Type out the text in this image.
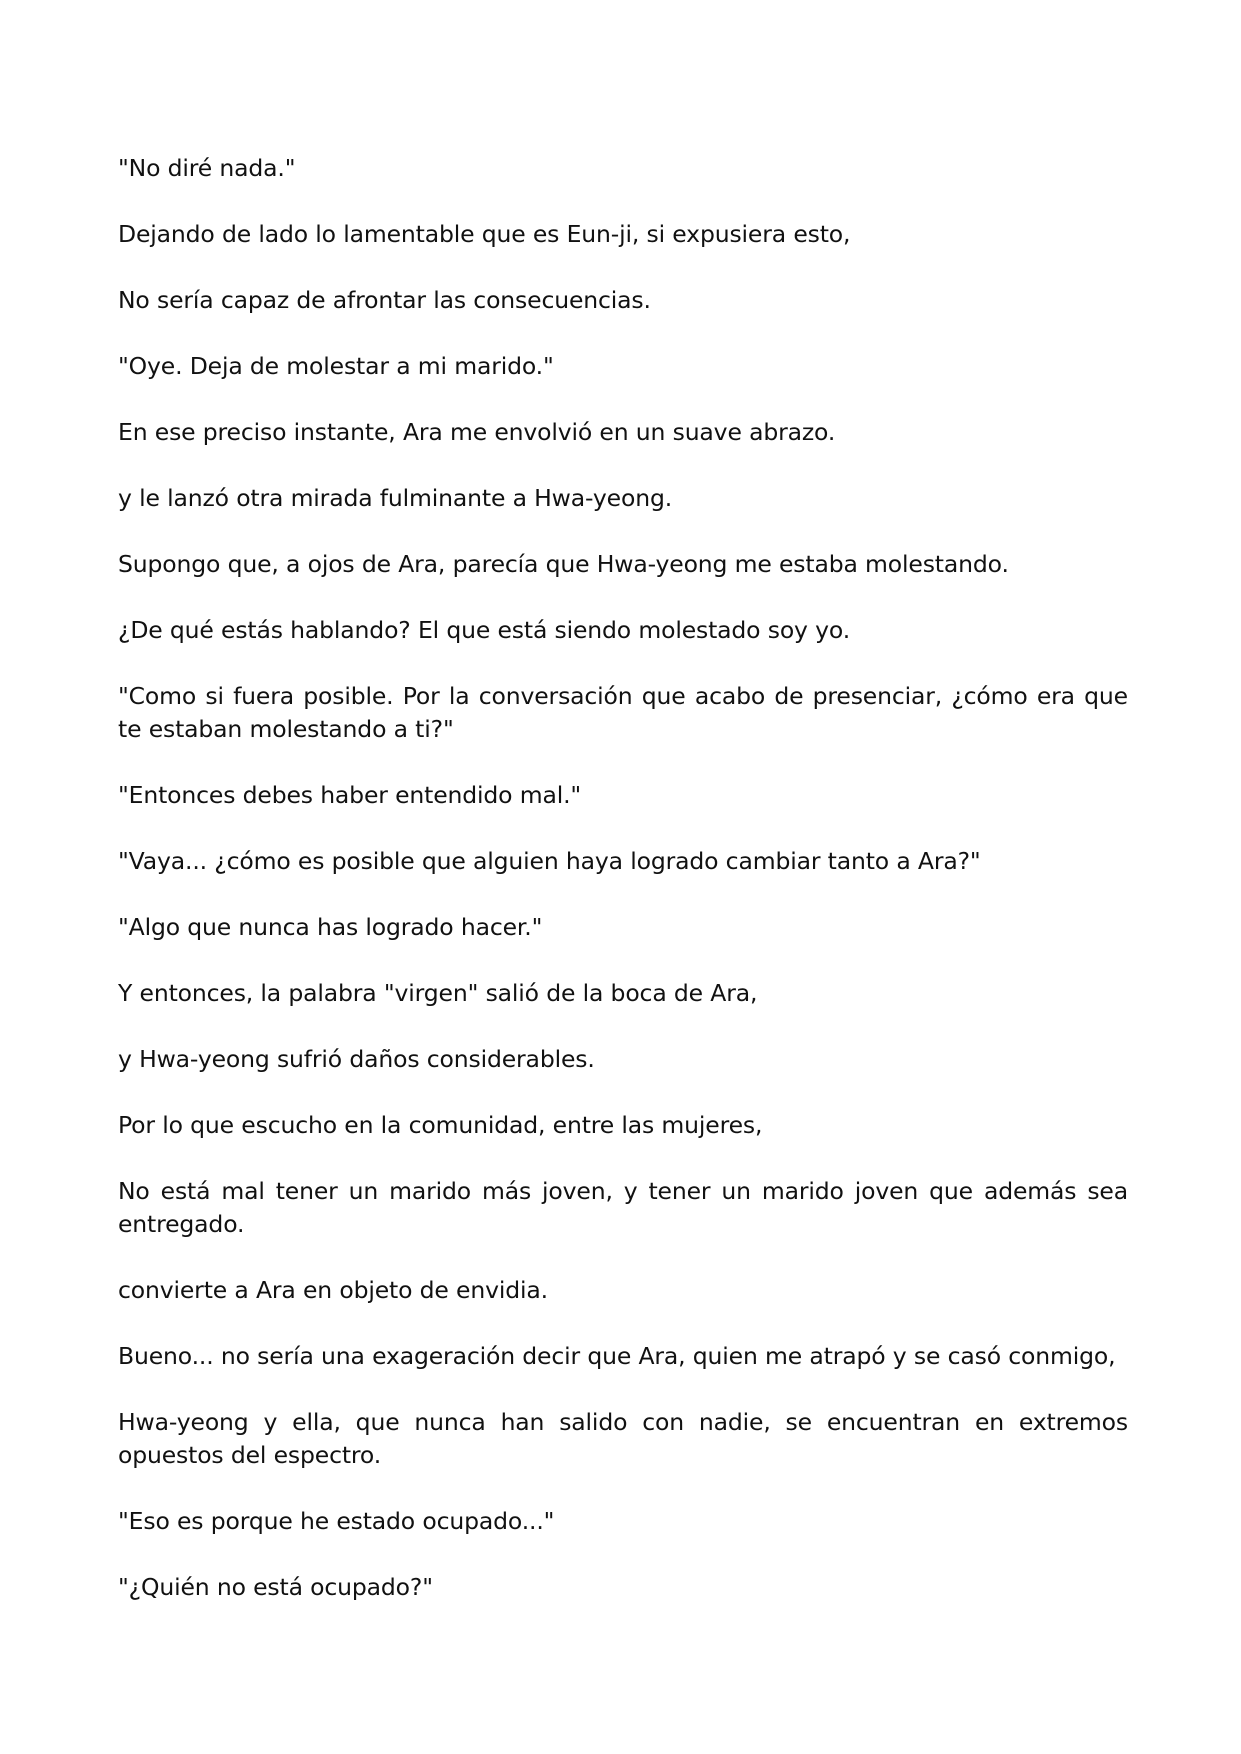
"No diré nada."

Dejando de lado lo lamentable que es Eun-ji, si expusiera esto,

No sería capaz de afrontar las consecuencias.

"Oye. Deja de molestar a mi marido."

En ese preciso instante, Ara me envolvió en un suave abrazo.

y le lanzó otra mirada fulminante a Hwa-yeong.

Supongo que, a ojos de Ara, parecía que Hwa-yeong me estaba molestando.

¿De qué estás hablando? El que está siendo molestado soy yo.

"Como si fuera posible. Por la conversación que acabo de presenciar, ¿cómo era que te estaban molestando a ti?"

"Entonces debes haber entendido mal."

"Vaya... ¿cómo es posible que alguien haya logrado cambiar tanto a Ara?"

"Algo que nunca has logrado hacer."

Y entonces, la palabra "virgen" salió de la boca de Ara,

y Hwa-yeong sufrió daños considerables.

Por lo que escucho en la comunidad, entre las mujeres,

No está mal tener un marido más joven, y tener un marido joven que además sea entregado.

convierte a Ara en objeto de envidia.

Bueno... no sería una exageración decir que Ara, quien me atrapó y se casó conmigo,

Hwa-yeong y ella, que nunca han salido con nadie, se encuentran en extremos opuestos del espectro.

"Eso es porque he estado ocupado..."

"¿Quién no está ocupado?"
